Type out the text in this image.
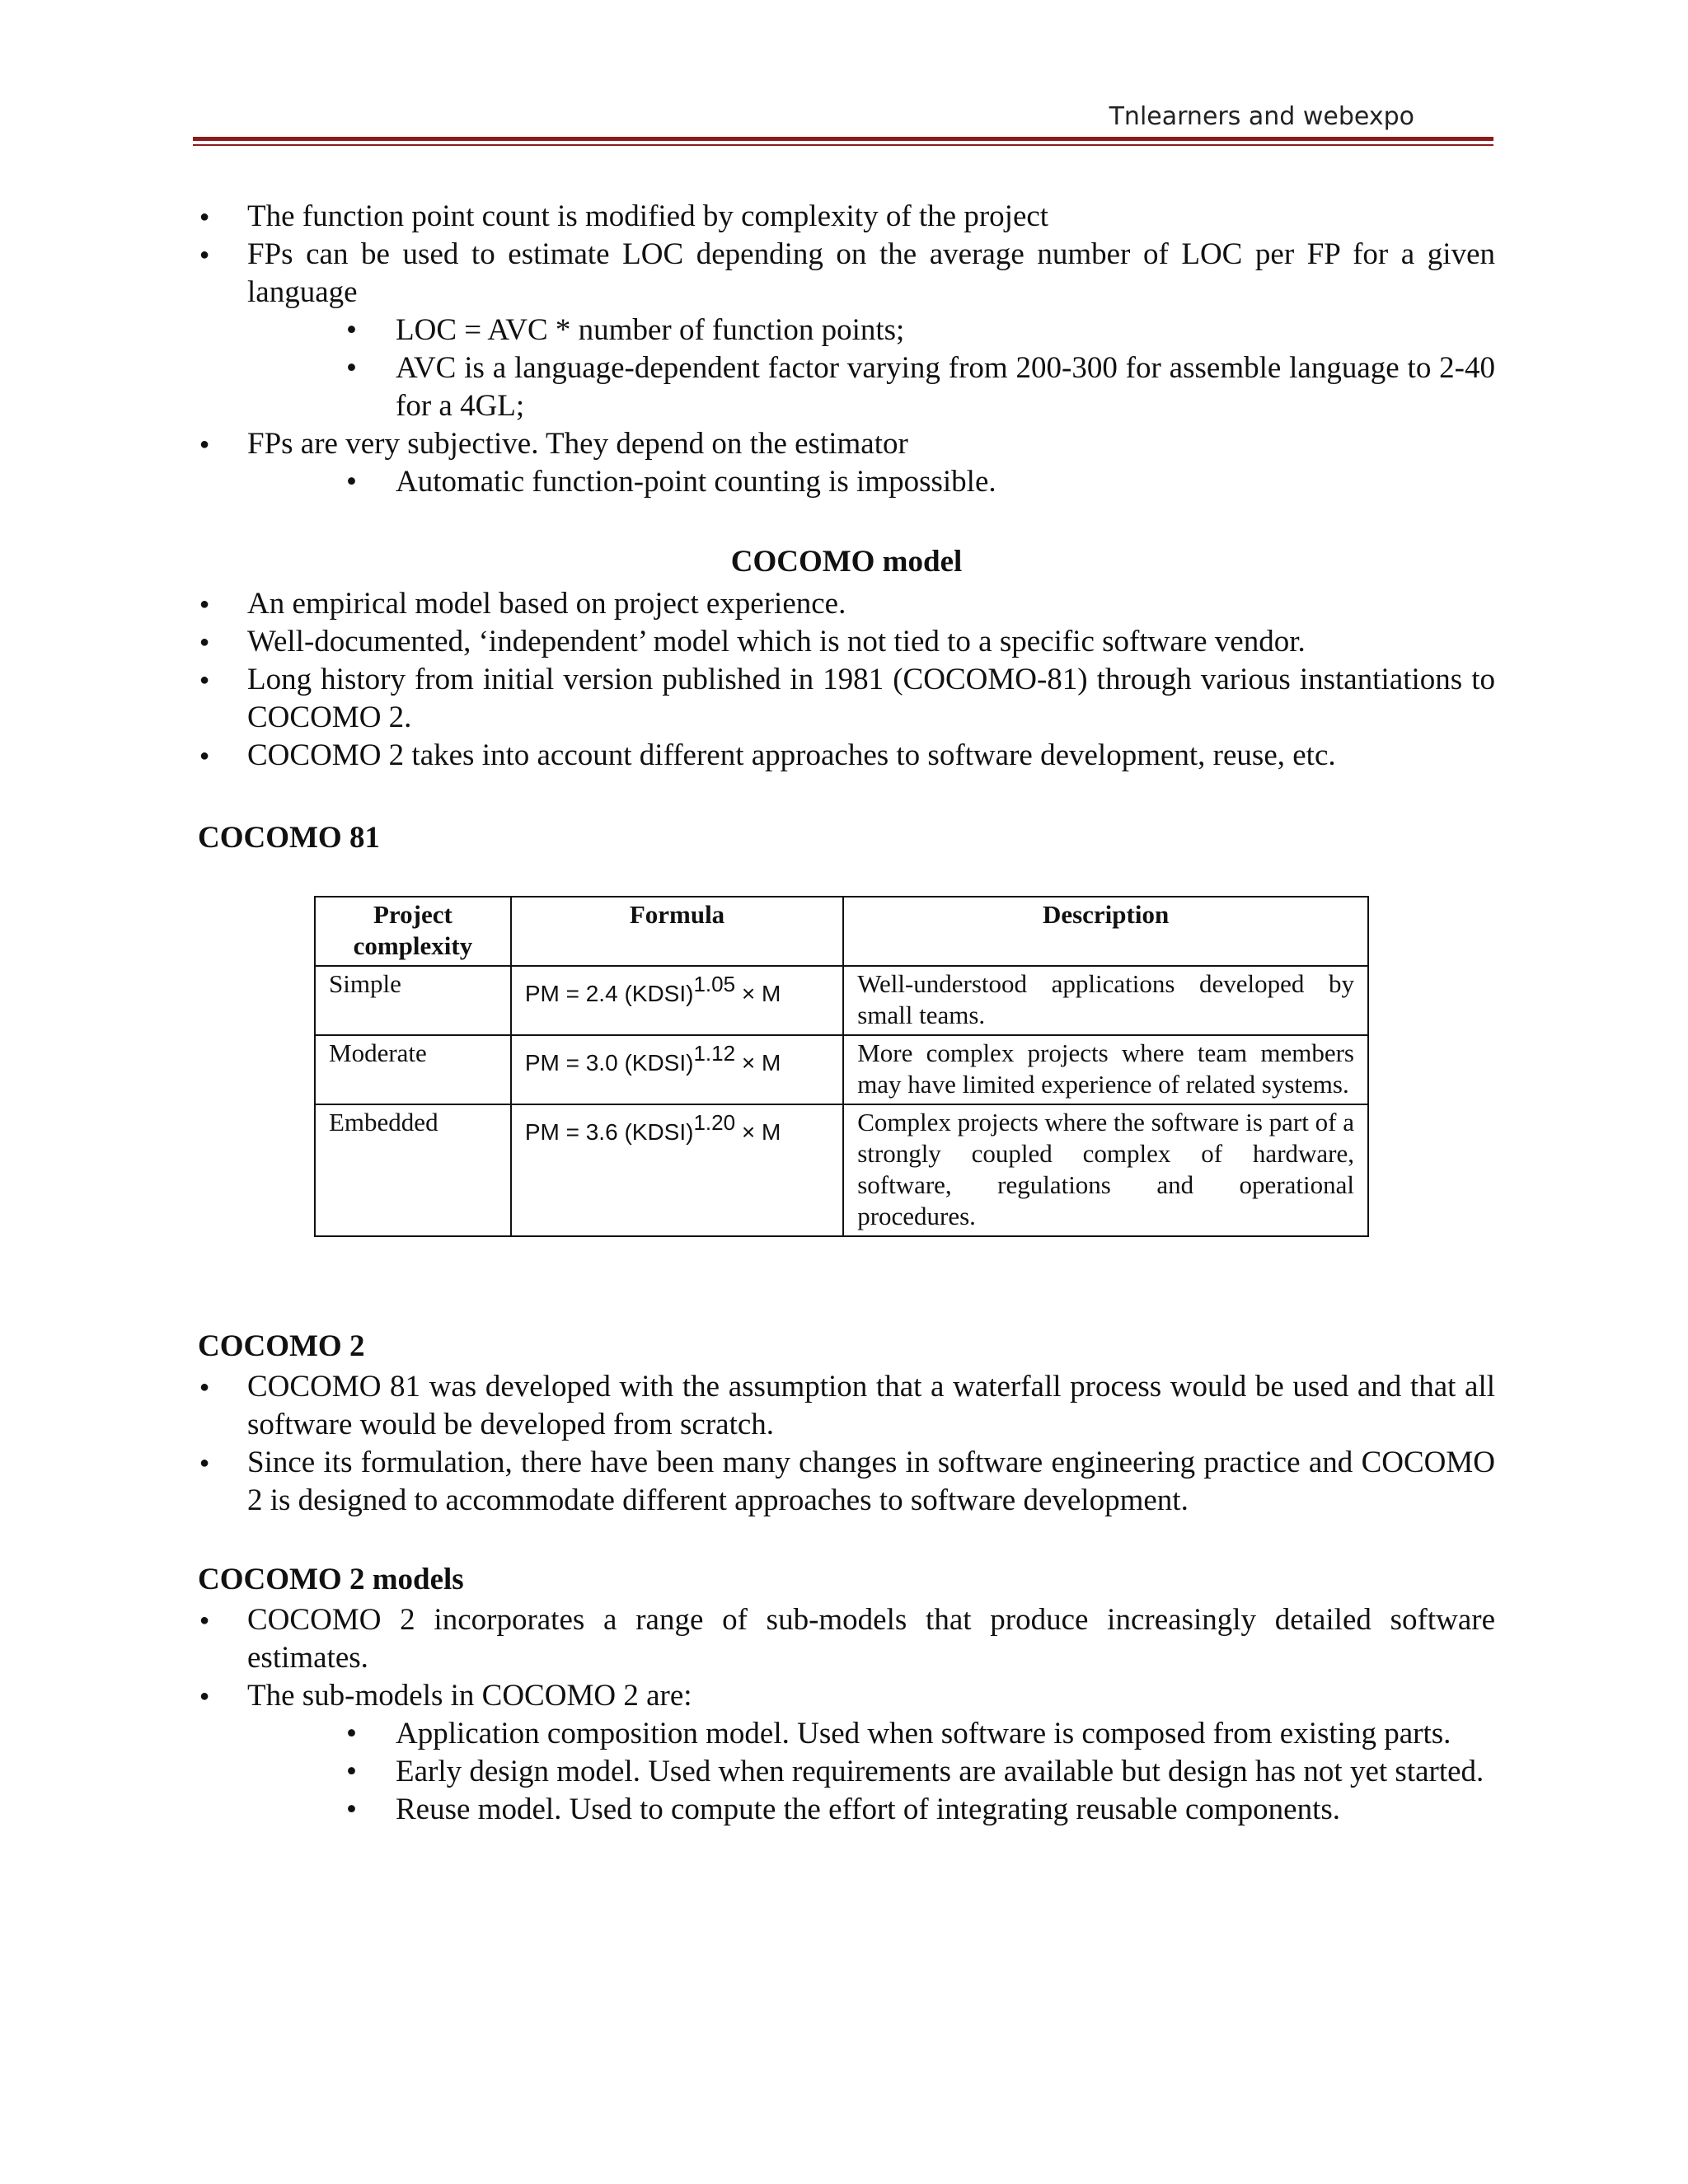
Tnlearners and webexpo
● The function point count is modified by complexity of the project
● FPs can be used to estimate LOC depending on the average number of LOC per FP for a given language
• LOC = AVC * number of function points;
• AVC is a language-dependent factor varying from 200-300 for assemble language to 2-40 for a 4GL;
● FPs are very subjective. They depend on the estimator
• Automatic function-point counting is impossible.
COCOMO model
● An empirical model based on project experience.
● Well-documented, ‘independent’ model which is not tied to a specific software vendor.
● Long history from initial version published in 1981 (COCOMO-81) through various instantiations to COCOMO 2.
● COCOMO 2 takes into account different approaches to software development, reuse, etc.
COCOMO 81
Project complexity	Formula	Description
Simple	PM = 2.4 (KDSI)$^{1.05}$ × M	Well-understood applications developed by small teams.
Moderate	PM = 3.0 (KDSI)$^{1.12}$ × M	More complex projects where team members may have limited experience of related systems.
Embedded	PM = 3.6 (KDSI)$^{1.20}$ × M	Complex projects where the software is part of a strongly coupled complex of hardware, software, regulations and operational procedures.
COCOMO 2
● COCOMO 81 was developed with the assumption that a waterfall process would be used and that all software would be developed from scratch.
● Since its formulation, there have been many changes in software engineering practice and COCOMO 2 is designed to accommodate different approaches to software development.
COCOMO 2 models
● COCOMO 2 incorporates a range of sub-models that produce increasingly detailed software estimates.
● The sub-models in COCOMO 2 are:
• Application composition model. Used when software is composed from existing parts.
• Early design model. Used when requirements are available but design has not yet started.
• Reuse model. Used to compute the effort of integrating reusable components.
